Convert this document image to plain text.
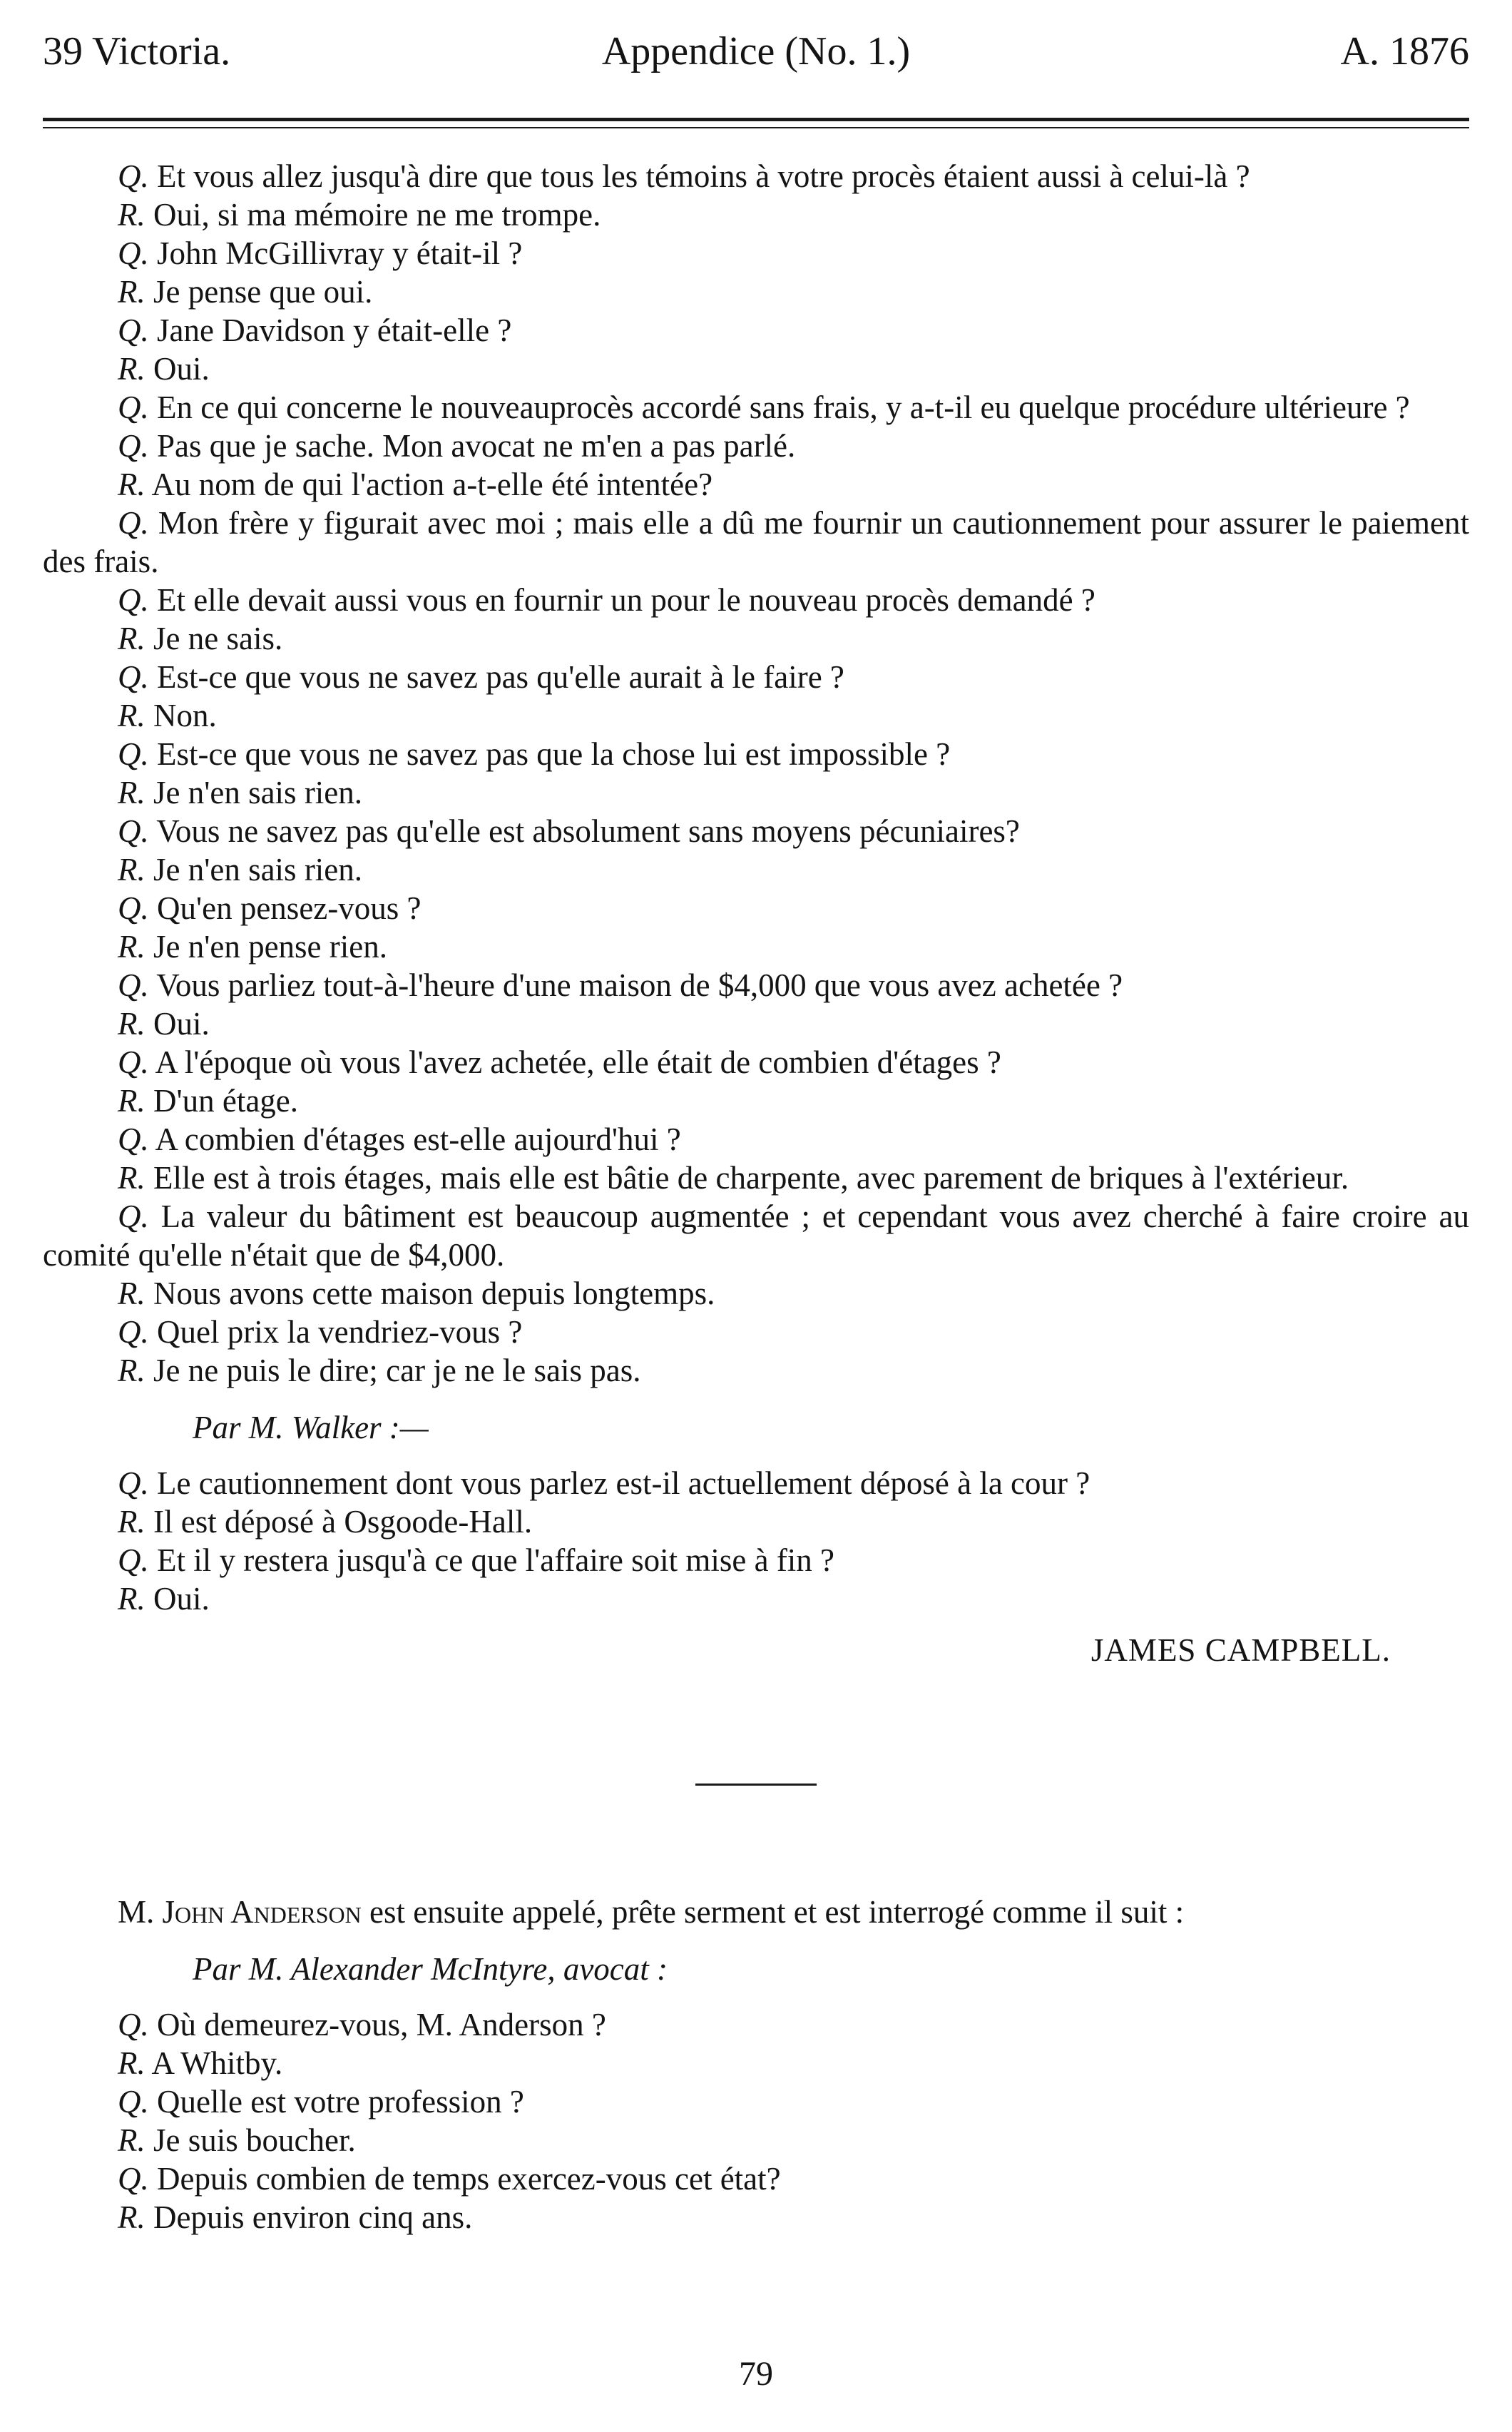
39 Victoria.	Appendice (No. 1.)	A. 1876

Q. Et vous allez jusqu'à dire que tous les témoins à votre procès étaient aussi à celui-là ?

R. Oui, si ma mémoire ne me trompe.

Q. John McGillivray y était-il ?

R. Je pense que oui.

Q. Jane Davidson y était-elle ?

R. Oui.

Q. En ce qui concerne le nouveauprocès accordé sans frais, y a-t-il eu quelque procédure ultérieure ?

Q. Pas que je sache. Mon avocat ne m'en a pas parlé.

R. Au nom de qui l'action a-t-elle été intentée?

Q. Mon frère y figurait avec moi ; mais elle a dû me fournir un cautionnement pour assurer le paiement des frais.

Q. Et elle devait aussi vous en fournir un pour le nouveau procès demandé ?

R. Je ne sais.

Q. Est-ce que vous ne savez pas qu'elle aurait à le faire ?

R. Non.

Q. Est-ce que vous ne savez pas que la chose lui est impossible ?

R. Je n'en sais rien.

Q. Vous ne savez pas qu'elle est absolument sans moyens pécuniaires?

R. Je n'en sais rien.

Q. Qu'en pensez-vous ?

R. Je n'en pense rien.

Q. Vous parliez tout-à-l'heure d'une maison de $4,000 que vous avez achetée ?

R. Oui.

Q. A l'époque où vous l'avez achetée, elle était de combien d'étages ?

R. D'un étage.

Q. A combien d'étages est-elle aujourd'hui ?

R. Elle est à trois étages, mais elle est bâtie de charpente, avec parement de briques à l'extérieur.

Q. La valeur du bâtiment est beaucoup augmentée ; et cependant vous avez cherché à faire croire au comité qu'elle n'était que de $4,000.

R. Nous avons cette maison depuis longtemps.

Q. Quel prix la vendriez-vous ?

R. Je ne puis le dire; car je ne le sais pas.

Par M. Walker :—

Q. Le cautionnement dont vous parlez est-il actuellement déposé à la cour ?

R. Il est déposé à Osgoode-Hall.

Q. Et il y restera jusqu'à ce que l'affaire soit mise à fin ?

R. Oui.

JAMES CAMPBELL.

M. John Anderson est ensuite appelé, prête serment et est interrogé comme il suit :

Par M. Alexander McIntyre, avocat :

Q. Où demeurez-vous, M. Anderson ?

R. A Whitby.

Q. Quelle est votre profession ?

R. Je suis boucher.

Q. Depuis combien de temps exercez-vous cet état?

R. Depuis environ cinq ans.

79
